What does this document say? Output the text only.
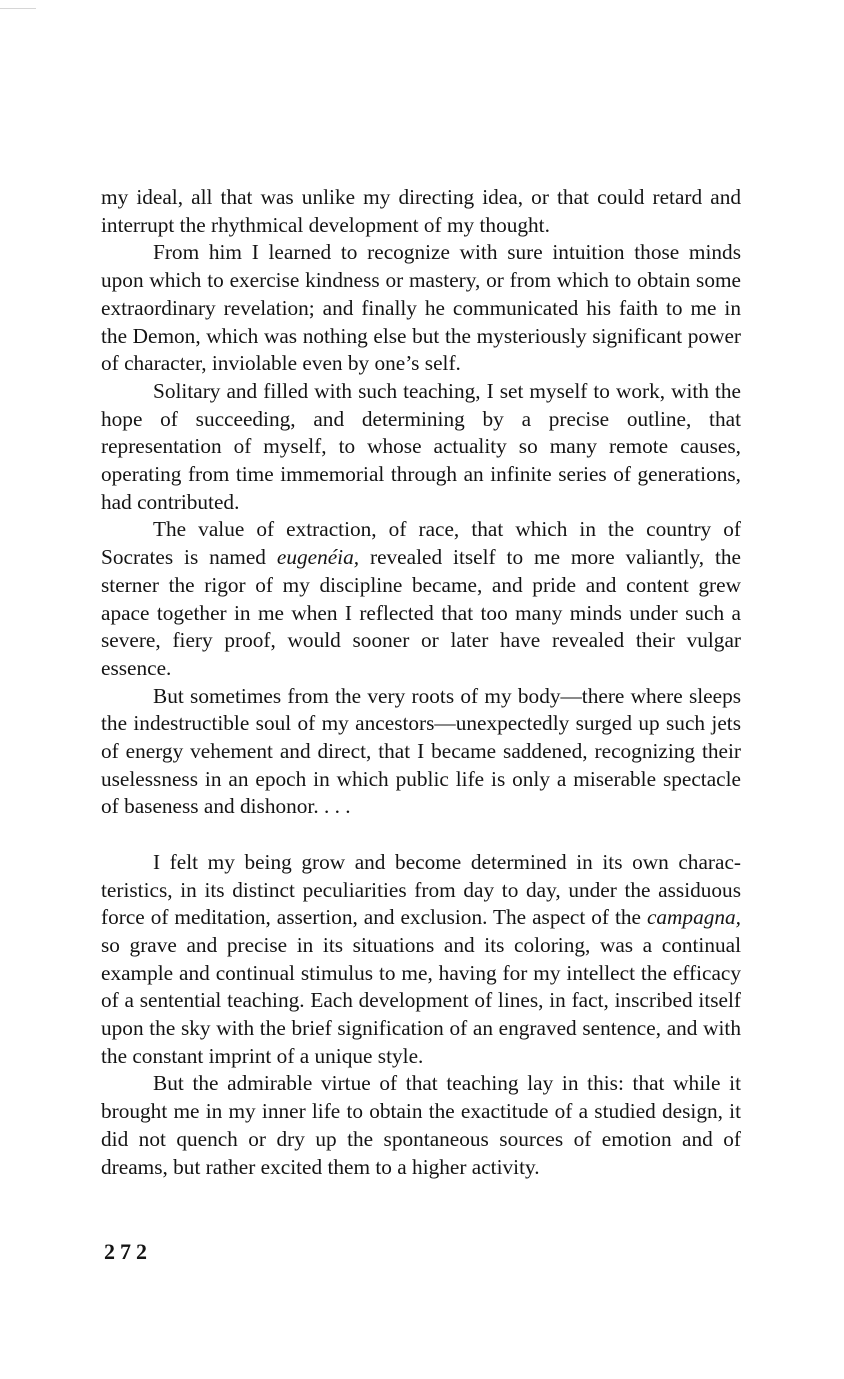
my ideal, all that was unlike my directing idea, or that could retard and interrupt the rhythmical development of my thought.

From him I learned to recognize with sure intuition those minds upon which to exercise kindness or mastery, or from which to obtain some extraordinary revelation; and finally he communicated his faith to me in the Demon, which was nothing else but the mysteriously significant power of character, inviolable even by one’s self.

Solitary and filled with such teaching, I set myself to work, with the hope of succeeding, and determining by a precise outline, that representation of myself, to whose actuality so many remote causes, operating from time immemorial through an infinite series of generations, had contributed.

The value of extraction, of race, that which in the country of Socrates is named eugenéia, revealed itself to me more valiantly, the sterner the rigor of my discipline became, and pride and content grew apace together in me when I reflected that too many minds under such a severe, fiery proof, would sooner or later have revealed their vulgar essence.

But sometimes from the very roots of my body—there where sleeps the indestructible soul of my ancestors—unexpectedly surged up such jets of energy vehement and direct, that I became saddened, recognizing their uselessness in an epoch in which public life is only a miserable spectacle of baseness and dishonor. . . .

I felt my being grow and become determined in its own characteristics, in its distinct peculiarities from day to day, under the assiduous force of meditation, assertion, and exclusion. The aspect of the campagna, so grave and precise in its situations and its coloring, was a continual example and continual stimulus to me, having for my intellect the efficacy of a sentential teaching. Each development of lines, in fact, inscribed itself upon the sky with the brief signification of an engraved sentence, and with the constant imprint of a unique style.

But the admirable virtue of that teaching lay in this: that while it brought me in my inner life to obtain the exactitude of a studied design, it did not quench or dry up the spontaneous sources of emotion and of dreams, but rather excited them to a higher activity.

272
